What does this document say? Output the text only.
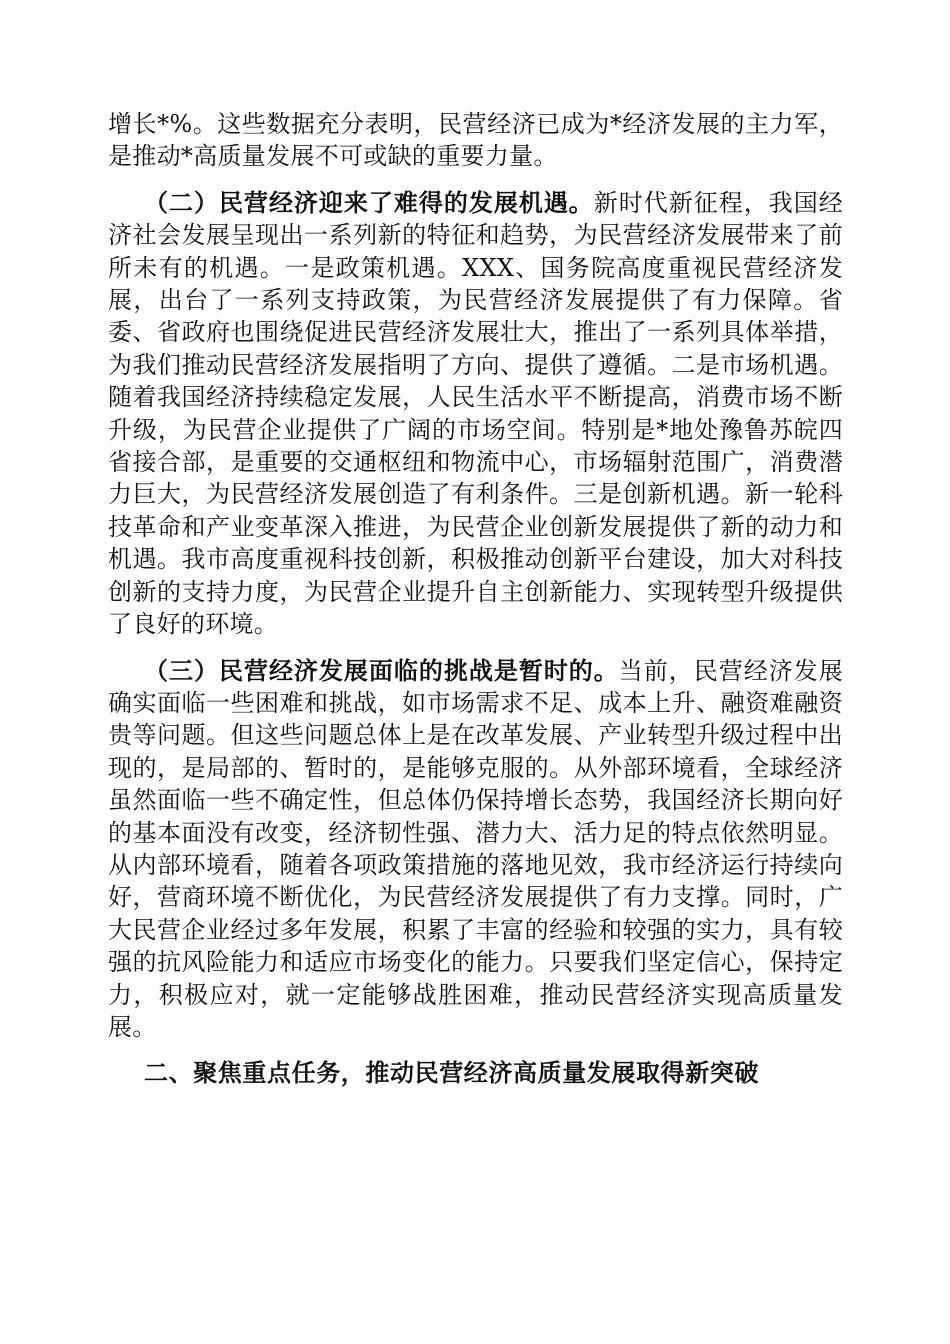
增长*%。这些数据充分表明，民营经济已成为*经济发展的主力军，是推动*高质量发展不可或缺的重要力量。

（二）民营经济迎来了难得的发展机遇。新时代新征程，我国经济社会发展呈现出一系列新的特征和趋势，为民营经济发展带来了前所未有的机遇。一是政策机遇。XXX、国务院高度重视民营经济发展，出台了一系列支持政策，为民营经济发展提供了有力保障。省委、省政府也围绕促进民营经济发展壮大，推出了一系列具体举措，为我们推动民营经济发展指明了方向、提供了遵循。二是市场机遇。随着我国经济持续稳定发展，人民生活水平不断提高，消费市场不断升级，为民营企业提供了广阔的市场空间。特别是*地处豫鲁苏皖四省接合部，是重要的交通枢纽和物流中心，市场辐射范围广，消费潜力巨大，为民营经济发展创造了有利条件。三是创新机遇。新一轮科技革命和产业变革深入推进，为民营企业创新发展提供了新的动力和机遇。我市高度重视科技创新，积极推动创新平台建设，加大对科技创新的支持力度，为民营企业提升自主创新能力、实现转型升级提供了良好的环境。

（三）民营经济发展面临的挑战是暂时的。当前，民营经济发展确实面临一些困难和挑战，如市场需求不足、成本上升、融资难融资贵等问题。但这些问题总体上是在改革发展、产业转型升级过程中出现的，是局部的、暂时的，是能够克服的。从外部环境看，全球经济虽然面临一些不确定性，但总体仍保持增长态势，我国经济长期向好的基本面没有改变，经济韧性强、潜力大、活力足的特点依然明显。从内部环境看，随着各项政策措施的落地见效，我市经济运行持续向好，营商环境不断优化，为民营经济发展提供了有力支撑。同时，广大民营企业经过多年发展，积累了丰富的经验和较强的实力，具有较强的抗风险能力和适应市场变化的能力。只要我们坚定信心，保持定力，积极应对，就一定能够战胜困难，推动民营经济实现高质量发展。

二、聚焦重点任务，推动民营经济高质量发展取得新突破
